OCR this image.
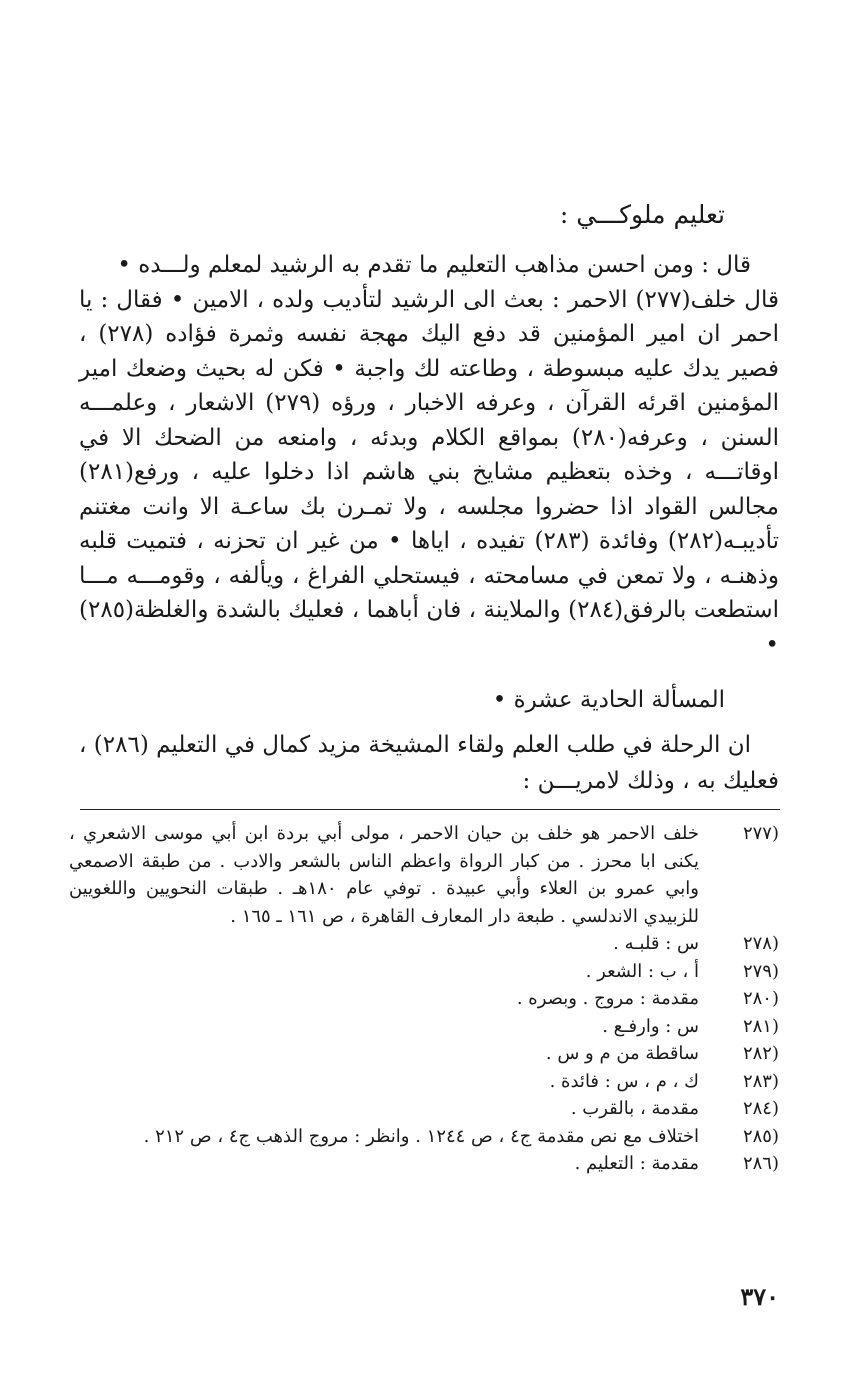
تعليم ملوكـــي :

قال : ومن احسن مذاهب التعليم ما تقدم به الرشيد لمعلم ولـــده •

قال خلف(٢٧٧) الاحمر : بعث الى الرشيد لتأديب ولده ، الامين • فقال : يا احمر ان امير المؤمنين قد دفع اليك مهجة نفسه وثمرة فؤاده (٢٧٨) ، فصير يدك عليه مبسوطة ، وطاعته لك واجبة • فكن له بحيث وضعك امير المؤمنين اقرئه القرآن ، وعرفه الاخبار ، ورؤه (٢٧٩) الاشعار ، وعلمـــه السنن ، وعرفه(٢٨٠) بمواقع الكلام وبدئه ، وامنعه من الضحك الا في اوقاتـــه ، وخذه بتعظيم مشايخ بني هاشم اذا دخلوا عليه ، ورفع(٢٨١) مجالس القواد اذا حضروا مجلسه ، ولا تمـرن بك ساعـة الا وانت مغتنم تأديبـه(٢٨٢) وفائدة (٢٨٣) تفيده ، اياها • من غير ان تحزنه ، فتميت قلبه وذهنـه ، ولا تمعن في مسامحته ، فيستحلي الفراغ ، ويألفه ، وقومـــه مـــا استطعت بالرفق(٢٨٤) والملاينة ، فان أباهما ، فعليك بالشدة والغلظة(٢٨٥) •

المسألة الحادية عشرة •

ان الرحلة في طلب العلم ولقاء المشيخة مزيد كمال في التعليم (٢٨٦) ، فعليك به ، وذلك لامريـــن :

(٢٧٧
خلف الاحمر هو خلف بن حيان الاحمر ، مولى أبي بردة ابن أبي موسى الاشعري ، يكنى ابا محرز . من كبار الرواة واعظم الناس بالشعر والادب . من طبقة الاصمعي وابي عمرو بن العلاء وأبي عبيدة . توفي عام ١٨٠هـ . طبقات النحويين واللغويين للزبيدي الاندلسي . طبعة دار المعارف القاهرة ، ص ١٦١ ـ ١٦٥ .
(٢٧٨
س : قلبـه .
(٢٧٩
أ ، ب : الشعر .
(٢٨٠
مقدمة : مروج . وبصره .
(٢٨١
س : وارفـع .
(٢٨٢
ساقطة من م و س .
(٢٨٣
ك ، م ، س : فائدة .
(٢٨٤
مقدمة ، بالقرب .
(٢٨٥
اختلاف مع نص مقدمة ج٤ ، ص ١٢٤٤ . وانظر : مروج الذهب ج٤ ، ص ٢١٢ .
(٢٨٦
مقدمة : التعليم .
٣٧٠
